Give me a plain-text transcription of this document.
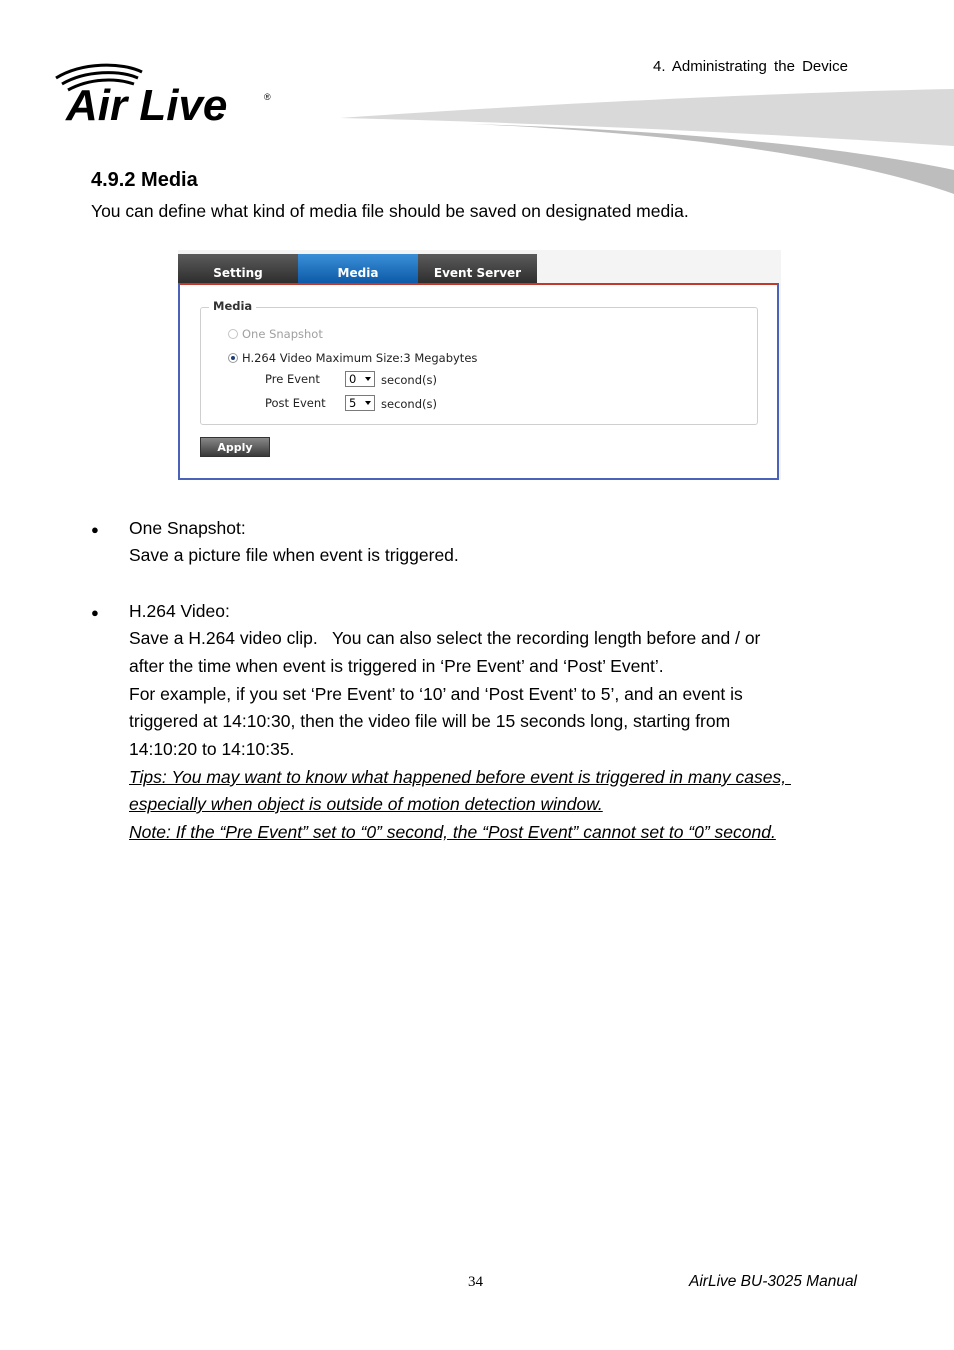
4. Administrating the Device
Air Live	®
4.9.2 Media
You can define what kind of media file should be saved on designated media.
Setting	Media	Event Server
Media
One Snapshot
H.264 Video Maximum Size:3 Megabytes
Pre Event	0	second(s)
Post Event	5	second(s)
Apply
● One Snapshot:
Save a picture file when event is triggered.
● H.264 Video:
Save a H.264 video clip.   You can also select the recording length before and / or
after the time when event is triggered in ‘Pre Event’ and ‘Post’ Event’.
For example, if you set ‘Pre Event’ to ‘10’ and ‘Post Event’ to 5’, and an event is
triggered at 14:10:30, then the video file will be 15 seconds long, starting from
14:10:20 to 14:10:35.
Tips: You may want to know what happened before event is triggered in many cases,
especially when object is outside of motion detection window.
Note: If the “Pre Event” set to “0” second, the “Post Event” cannot set to “0” second.
34	AirLive BU-3025 Manual
